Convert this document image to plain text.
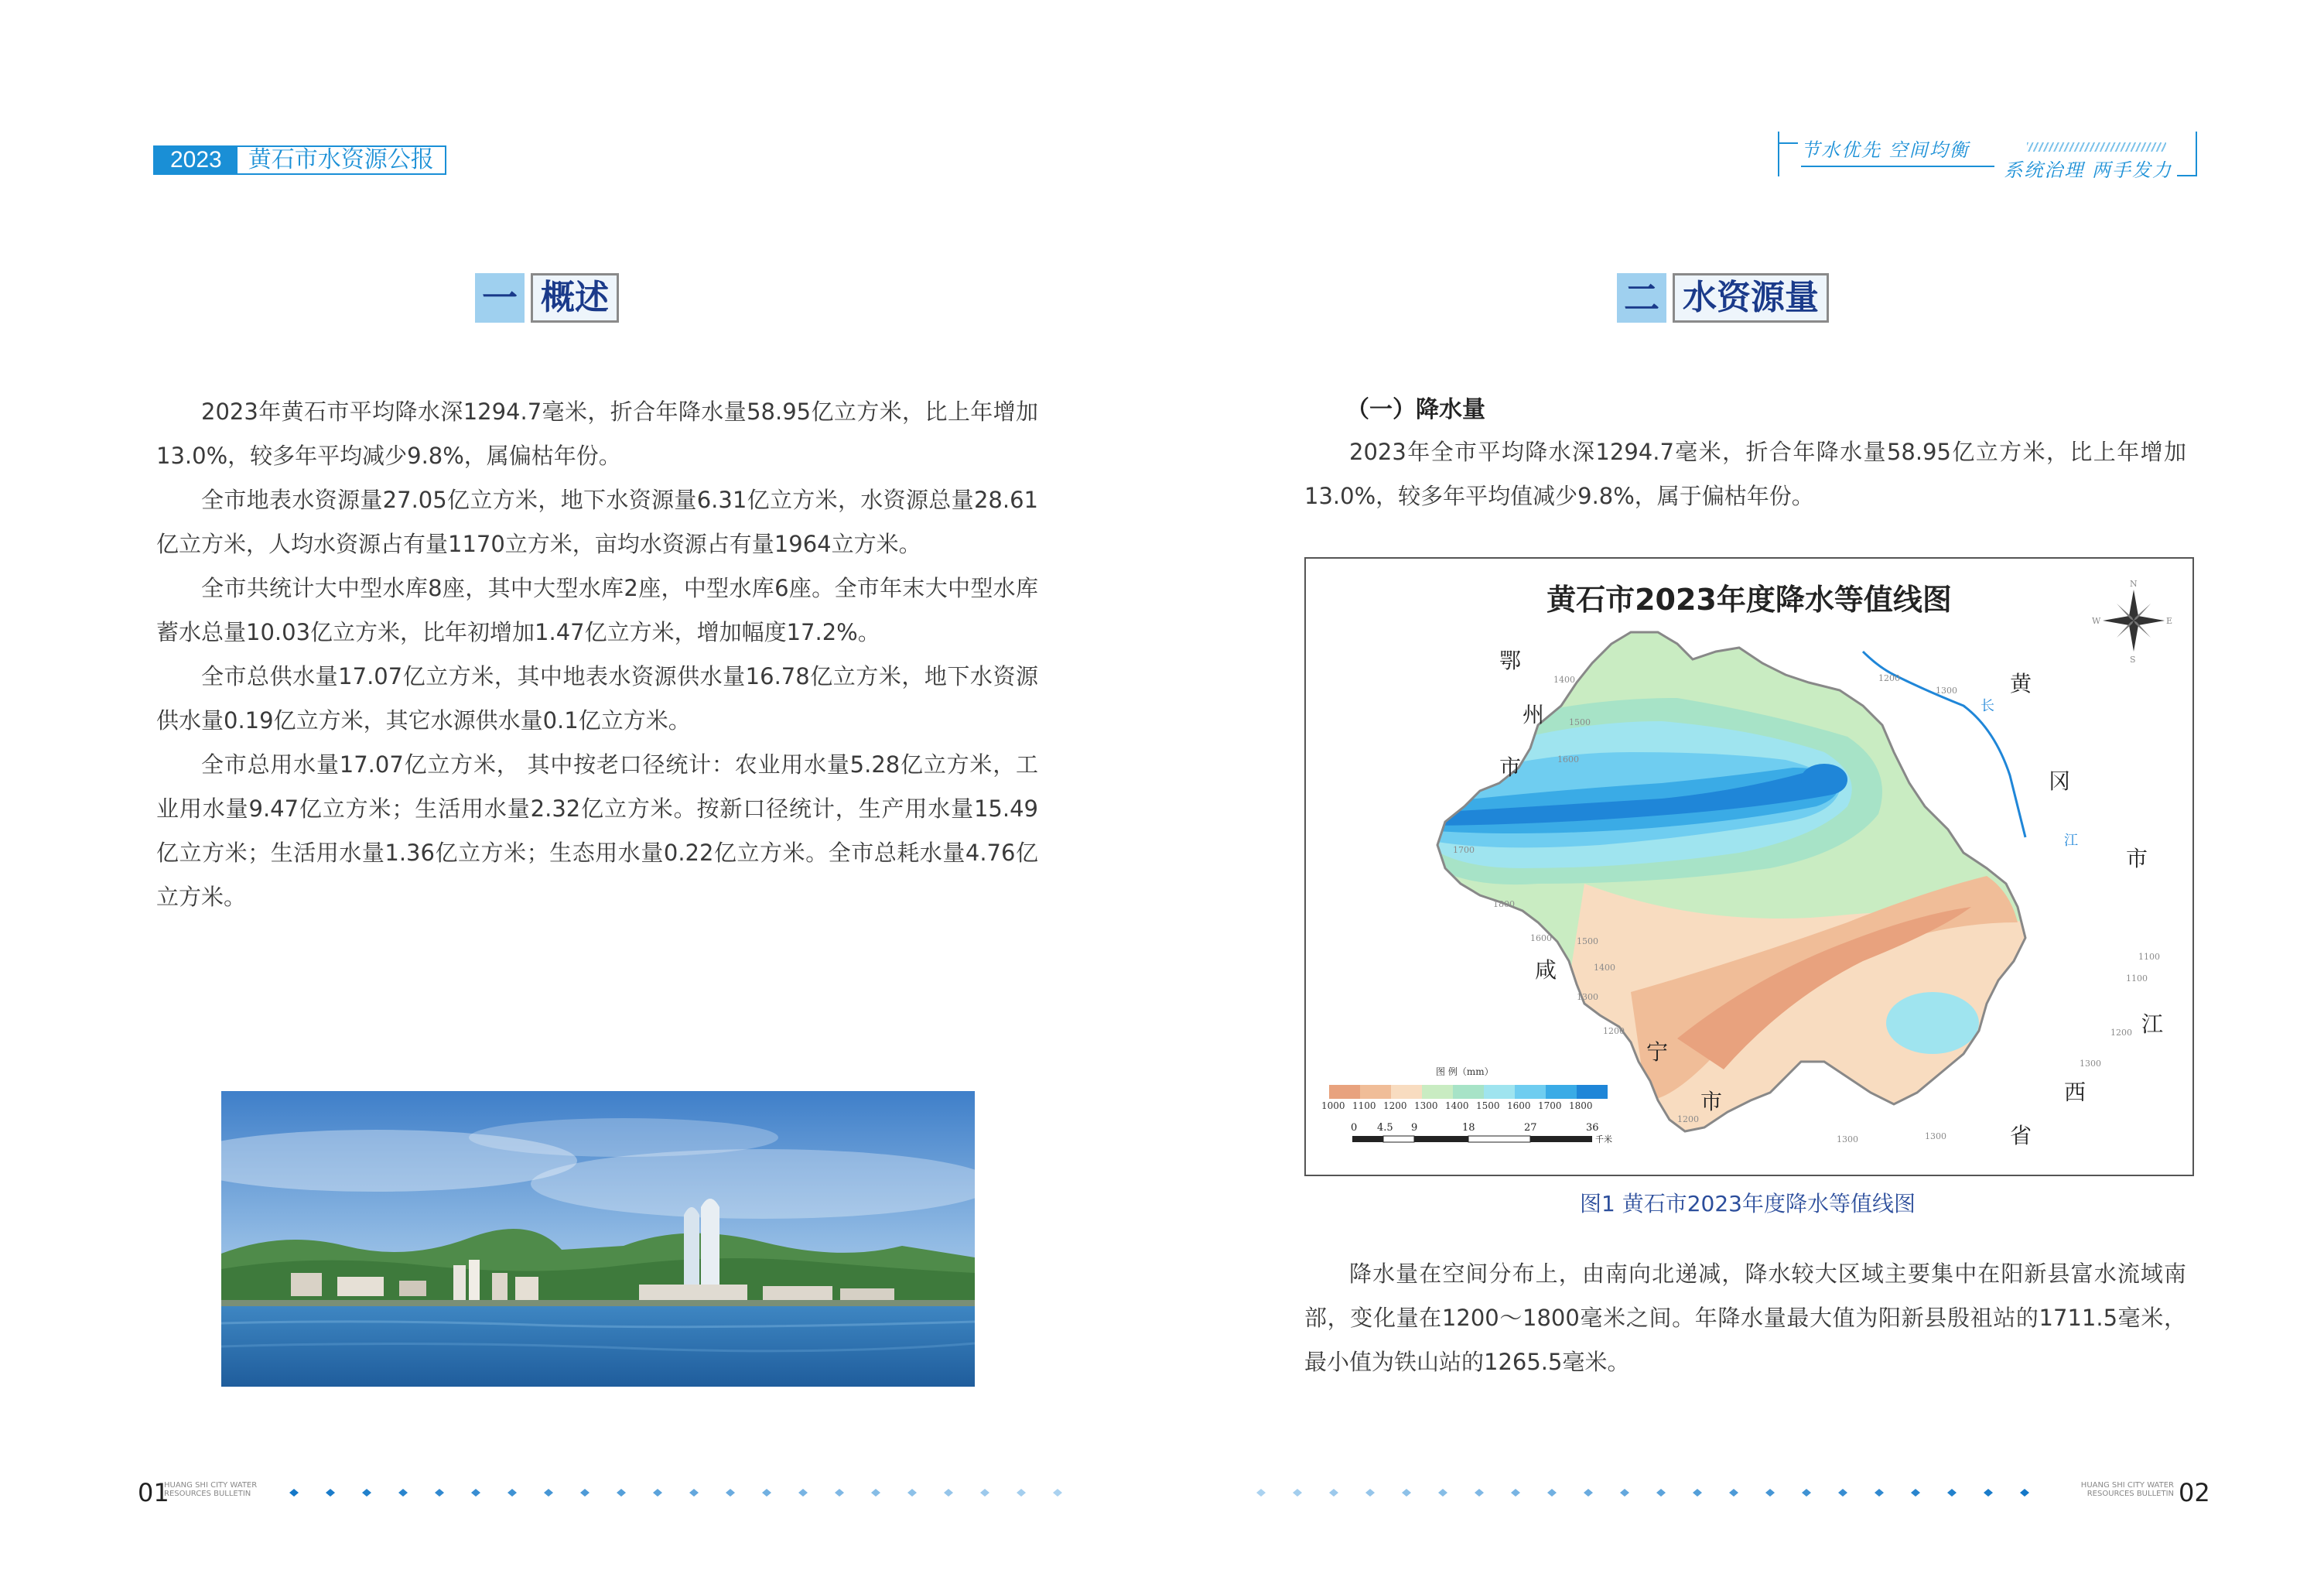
2023	黄石市水资源公报	节水优先 空间均衡
系统治理 两手发力
一 概述

2023年黄石市平均降水深1294.7毫米，折合年降水量58.95亿立方米，比上年增加13.0%，较多年平均减少9.8%，属偏枯年份。

全市地表水资源量27.05亿立方米，地下水资源量6.31亿立方米，水资源总量28.61亿立方米，人均水资源占有量1170立方米，亩均水资源占有量1964立方米。

全市共统计大中型水库8座，其中大型水库2座，中型水库6座。全市年末大中型水库蓄水总量10.03亿立方米，比年初增加1.47亿立方米，增加幅度17.2%。

全市总供水量17.07亿立方米，其中地表水资源供水量16.78亿立方米，地下水资源供水量0.19亿立方米，其它水源供水量0.1亿立方米。

全市总用水量17.07亿立方米， 其中按老口径统计：农业用水量5.28亿立方米，工业用水量9.47亿立方米；生活用水量2.32亿立方米。按新口径统计，生产用水量15.49亿立方米；生活用水量1.36亿立方米；生态用水量0.22亿立方米。全市总耗水量4.76亿立方米。

二 水资源量
（一）降水量

2023年全市平均降水深1294.7毫米，折合年降水量58.95亿立方米，比上年增加13.0%，较多年平均值减少9.8%，属于偏枯年份。

黄石市2023年度降水等值线图	N
E
S
W
鄂
州
市
黄
冈
市
咸
宁
市
江
西
省
长
江
1400
1500
1600
1700
1800
1600	1500
1400
1300
1200
1300
1200
1100
1100
1200
1300
1300
1200
1300
图 例（mm）
1000 1100 1200 1300 1400 1500 1600 1700 1800
0 4.5 9	18	27	36
千米
图1 黄石市2023年度降水等值线图

降水量在空间分布上，由南向北递减，降水较大区域主要集中在阳新县富水流域南部，变化量在1200～1800毫米之间。年降水量最大值为阳新县殷祖站的1711.5毫米，最小值为铁山站的1265.5毫米。

01
HUANG SHI CITY WATER
RESOURCES BULLETIN
HUANG SHI CITY WATER
RESOURCES BULLETIN 02
